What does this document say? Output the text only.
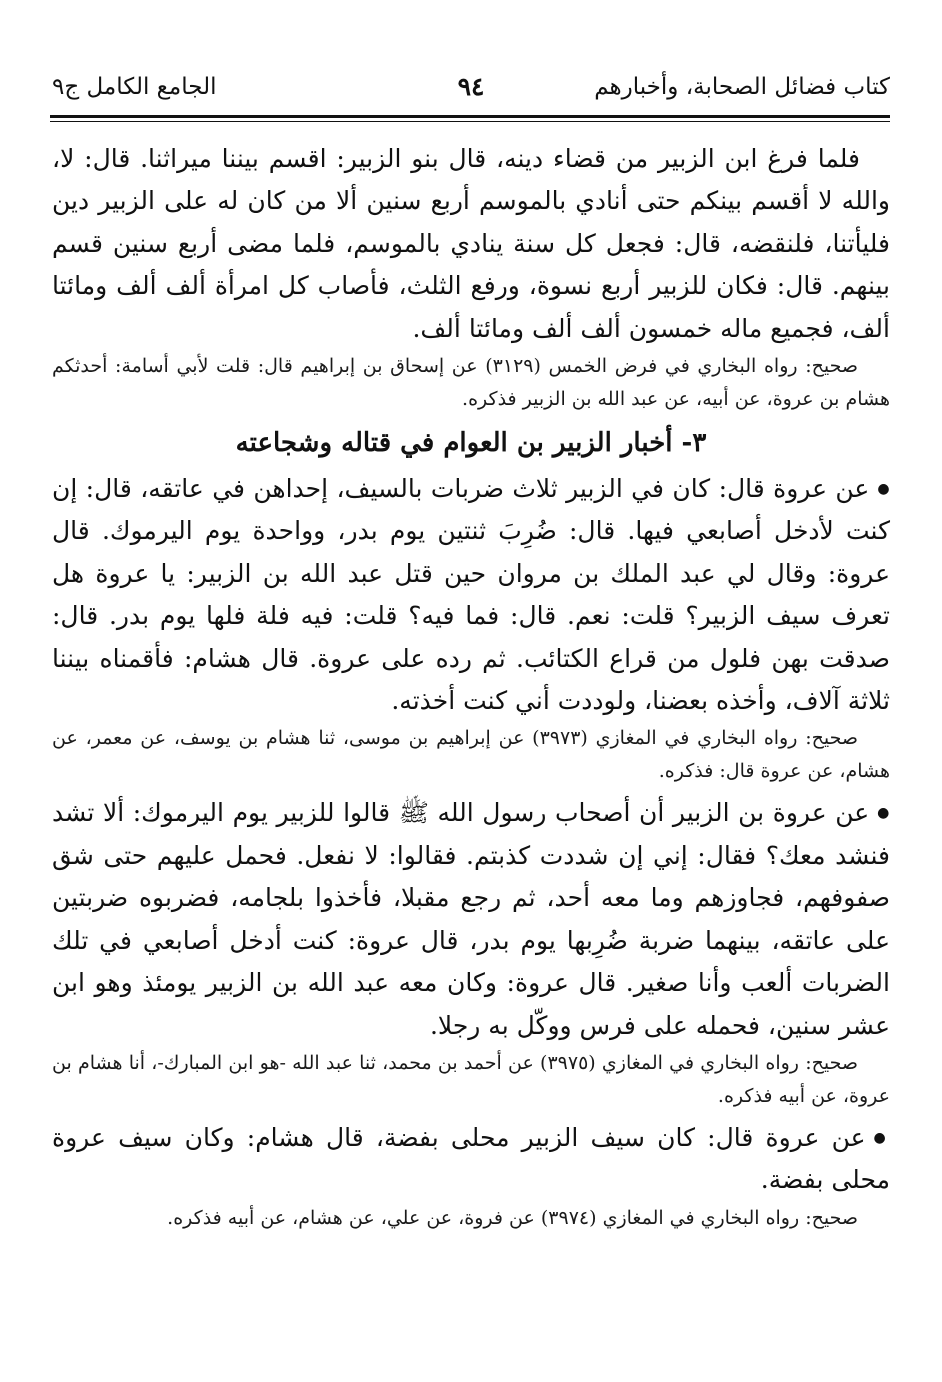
كتاب فضائل الصحابة، وأخبارهم
٩٤
الجامع الكامل ج٩

فلما فرغ ابن الزبير من قضاء دينه، قال بنو الزبير: اقسم بيننا ميراثنا. قال: لا، والله لا أقسم بينكم حتى أنادي بالموسم أربع سنين ألا من كان له على الزبير دين فليأتنا، فلنقضه، قال: فجعل كل سنة ينادي بالموسم، فلما مضى أربع سنين قسم بينهم. قال: فكان للزبير أربع نسوة، ورفع الثلث، فأصاب كل امرأة ألف ألف ومائتا ألف، فجميع ماله خمسون ألف ألف ومائتا ألف.

صحيح: رواه البخاري في فرض الخمس (٣١٢٩) عن إسحاق بن إبراهيم قال: قلت لأبي أسامة: أحدثكم هشام بن عروة، عن أبيه، عن عبد الله بن الزبير فذكره.

٣- أخبار الزبير بن العوام في قتاله وشجاعته

● عن عروة قال: كان في الزبير ثلاث ضربات بالسيف، إحداهن في عاتقه، قال: إن كنت لأدخل أصابعي فيها. قال: ضُرِبَ ثنتين يوم بدر، وواحدة يوم اليرموك. قال عروة: وقال لي عبد الملك بن مروان حين قتل عبد الله بن الزبير: يا عروة هل تعرف سيف الزبير؟ قلت: نعم. قال: فما فيه؟ قلت: فيه فلة فلها يوم بدر. قال: صدقت بهن فلول من قراع الكتائب. ثم رده على عروة. قال هشام: فأقمناه بيننا ثلاثة آلاف، وأخذه بعضنا، ولوددت أني كنت أخذته.

صحيح: رواه البخاري في المغازي (٣٩٧٣) عن إبراهيم بن موسى، ثنا هشام بن يوسف، عن معمر، عن هشام، عن عروة قال: فذكره.

● عن عروة بن الزبير أن أصحاب رسول الله ﷺ قالوا للزبير يوم اليرموك: ألا تشد فنشد معك؟ فقال: إني إن شددت كذبتم. فقالوا: لا نفعل. فحمل عليهم حتى شق صفوفهم، فجاوزهم وما معه أحد، ثم رجع مقبلا، فأخذوا بلجامه، فضربوه ضربتين على عاتقه، بينهما ضربة ضُرِبها يوم بدر، قال عروة: كنت أدخل أصابعي في تلك الضربات ألعب وأنا صغير. قال عروة: وكان معه عبد الله بن الزبير يومئذ وهو ابن عشر سنين، فحمله على فرس ووكّل به رجلا.

صحيح: رواه البخاري في المغازي (٣٩٧٥) عن أحمد بن محمد، ثنا عبد الله -هو ابن المبارك-، أنا هشام بن عروة، عن أبيه فذكره.

● عن عروة قال: كان سيف الزبير محلى بفضة، قال هشام: وكان سيف عروة محلى بفضة.

صحيح: رواه البخاري في المغازي (٣٩٧٤) عن فروة، عن علي، عن هشام، عن أبيه فذكره.
